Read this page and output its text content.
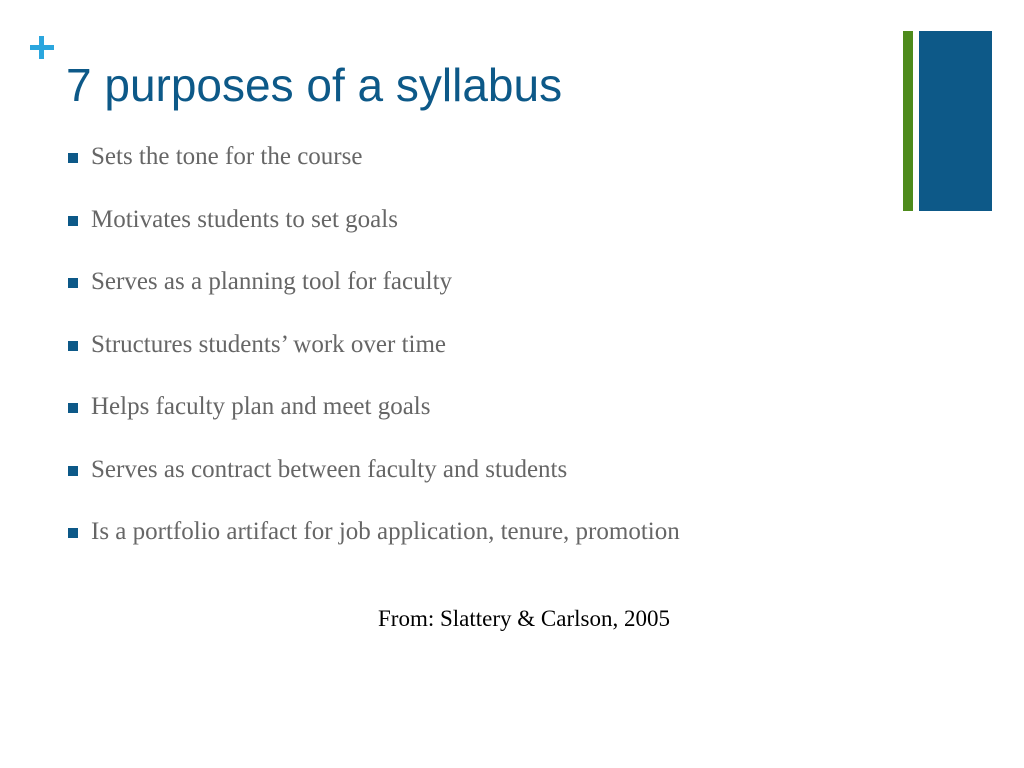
7 purposes of a syllabus
Sets the tone for the course
Motivates students to set goals
Serves as a planning tool for faculty
Structures students’ work over time
Helps faculty plan and meet goals
Serves as contract between faculty and students
Is a portfolio artifact for job application, tenure, promotion
From: Slattery & Carlson, 2005
